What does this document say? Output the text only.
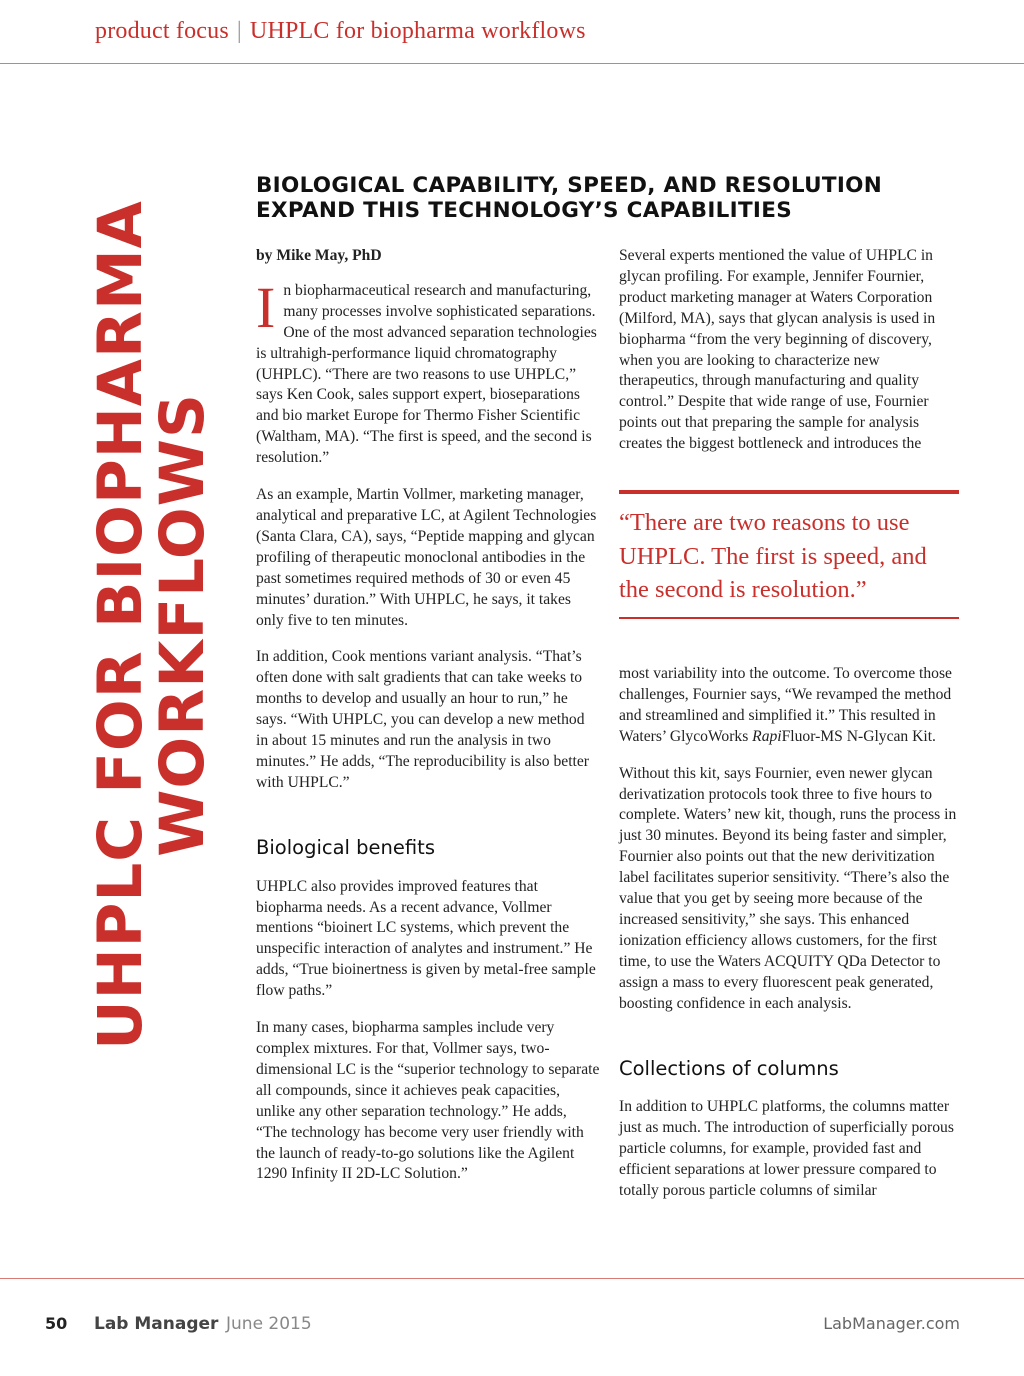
product focus | UHPLC for biopharma workflows
UHPLC FOR BIOPHARMA
WORKFLOWS
BIOLOGICAL CAPABILITY, SPEED, AND RESOLUTION EXPAND THIS TECHNOLOGY’S CAPABILITIES

by Mike May, PhD

In biopharmaceutical research and manufacturing, many processes involve sophisticated separations. One of the most advanced separation technologies is ultrahigh-performance liquid chromatography (UHPLC). “There are two reasons to use UHPLC,” says Ken Cook, sales support expert, bioseparations and bio market Europe for Thermo Fisher Scientific (Waltham, MA). “The first is speed, and the second is resolution.”

As an example, Martin Vollmer, marketing manager, analytical and preparative LC, at Agilent Technologies (Santa Clara, CA), says, “Peptide mapping and glycan profiling of therapeutic monoclonal antibodies in the past sometimes required methods of 30 or even 45 minutes’ duration.” With UHPLC, he says, it takes only five to ten minutes.

In addition, Cook mentions variant analysis. “That’s often done with salt gradients that can take weeks to months to develop and usually an hour to run,” he says. “With UHPLC, you can develop a new method in about 15 minutes and run the analysis in two minutes.” He adds, “The reproducibility is also better with UHPLC.”

Biological benefits

UHPLC also provides improved features that biopharma needs. As a recent advance, Vollmer mentions “bioinert LC systems, which prevent the unspecific interaction of analytes and instrument.” He adds, “True bioinertness is given by metal-free sample flow paths.”

In many cases, biopharma samples include very complex mixtures. For that, Vollmer says, two-dimensional LC is the “superior technology to separate all compounds, since it achieves peak capacities, unlike any other separation technology.” He adds, “The technology has become very user friendly with the launch of ready-to-go solutions like the Agilent 1290 Infinity II 2D-LC Solution.”

Several experts mentioned the value of UHPLC in glycan profiling. For example, Jennifer Fournier, product marketing manager at Waters Corporation (Milford, MA), says that glycan analysis is used in biopharma “from the very beginning of discovery, when you are looking to characterize new therapeutics, through manufacturing and quality control.” Despite that wide range of use, Fournier points out that preparing the sample for analysis creates the biggest bottleneck and introduces the

“There are two reasons to use UHPLC. The first is speed, and the second is resolution.”

most variability into the outcome. To overcome those challenges, Fournier says, “We revamped the method and streamlined and simplified it.” This resulted in Waters’ GlycoWorks RapiFluor-MS N-Glycan Kit.

Without this kit, says Fournier, even newer glycan derivatization protocols took three to five hours to complete. Waters’ new kit, though, runs the process in just 30 minutes. Beyond its being faster and simpler, Fournier also points out that the new derivitization label facilitates superior sensitivity. “There’s also the value that you get by seeing more because of the increased sensitivity,” she says. This enhanced ionization efficiency allows customers, for the first time, to use the Waters ACQUITY QDa Detector to assign a mass to every fluorescent peak generated, boosting confidence in each analysis.

Collections of columns

In addition to UHPLC platforms, the columns matter just as much. The introduction of superficially porous particle columns, for example, provided fast and efficient separations at lower pressure compared to totally porous particle columns of similar

50 Lab Manager June 2015	LabManager.com
